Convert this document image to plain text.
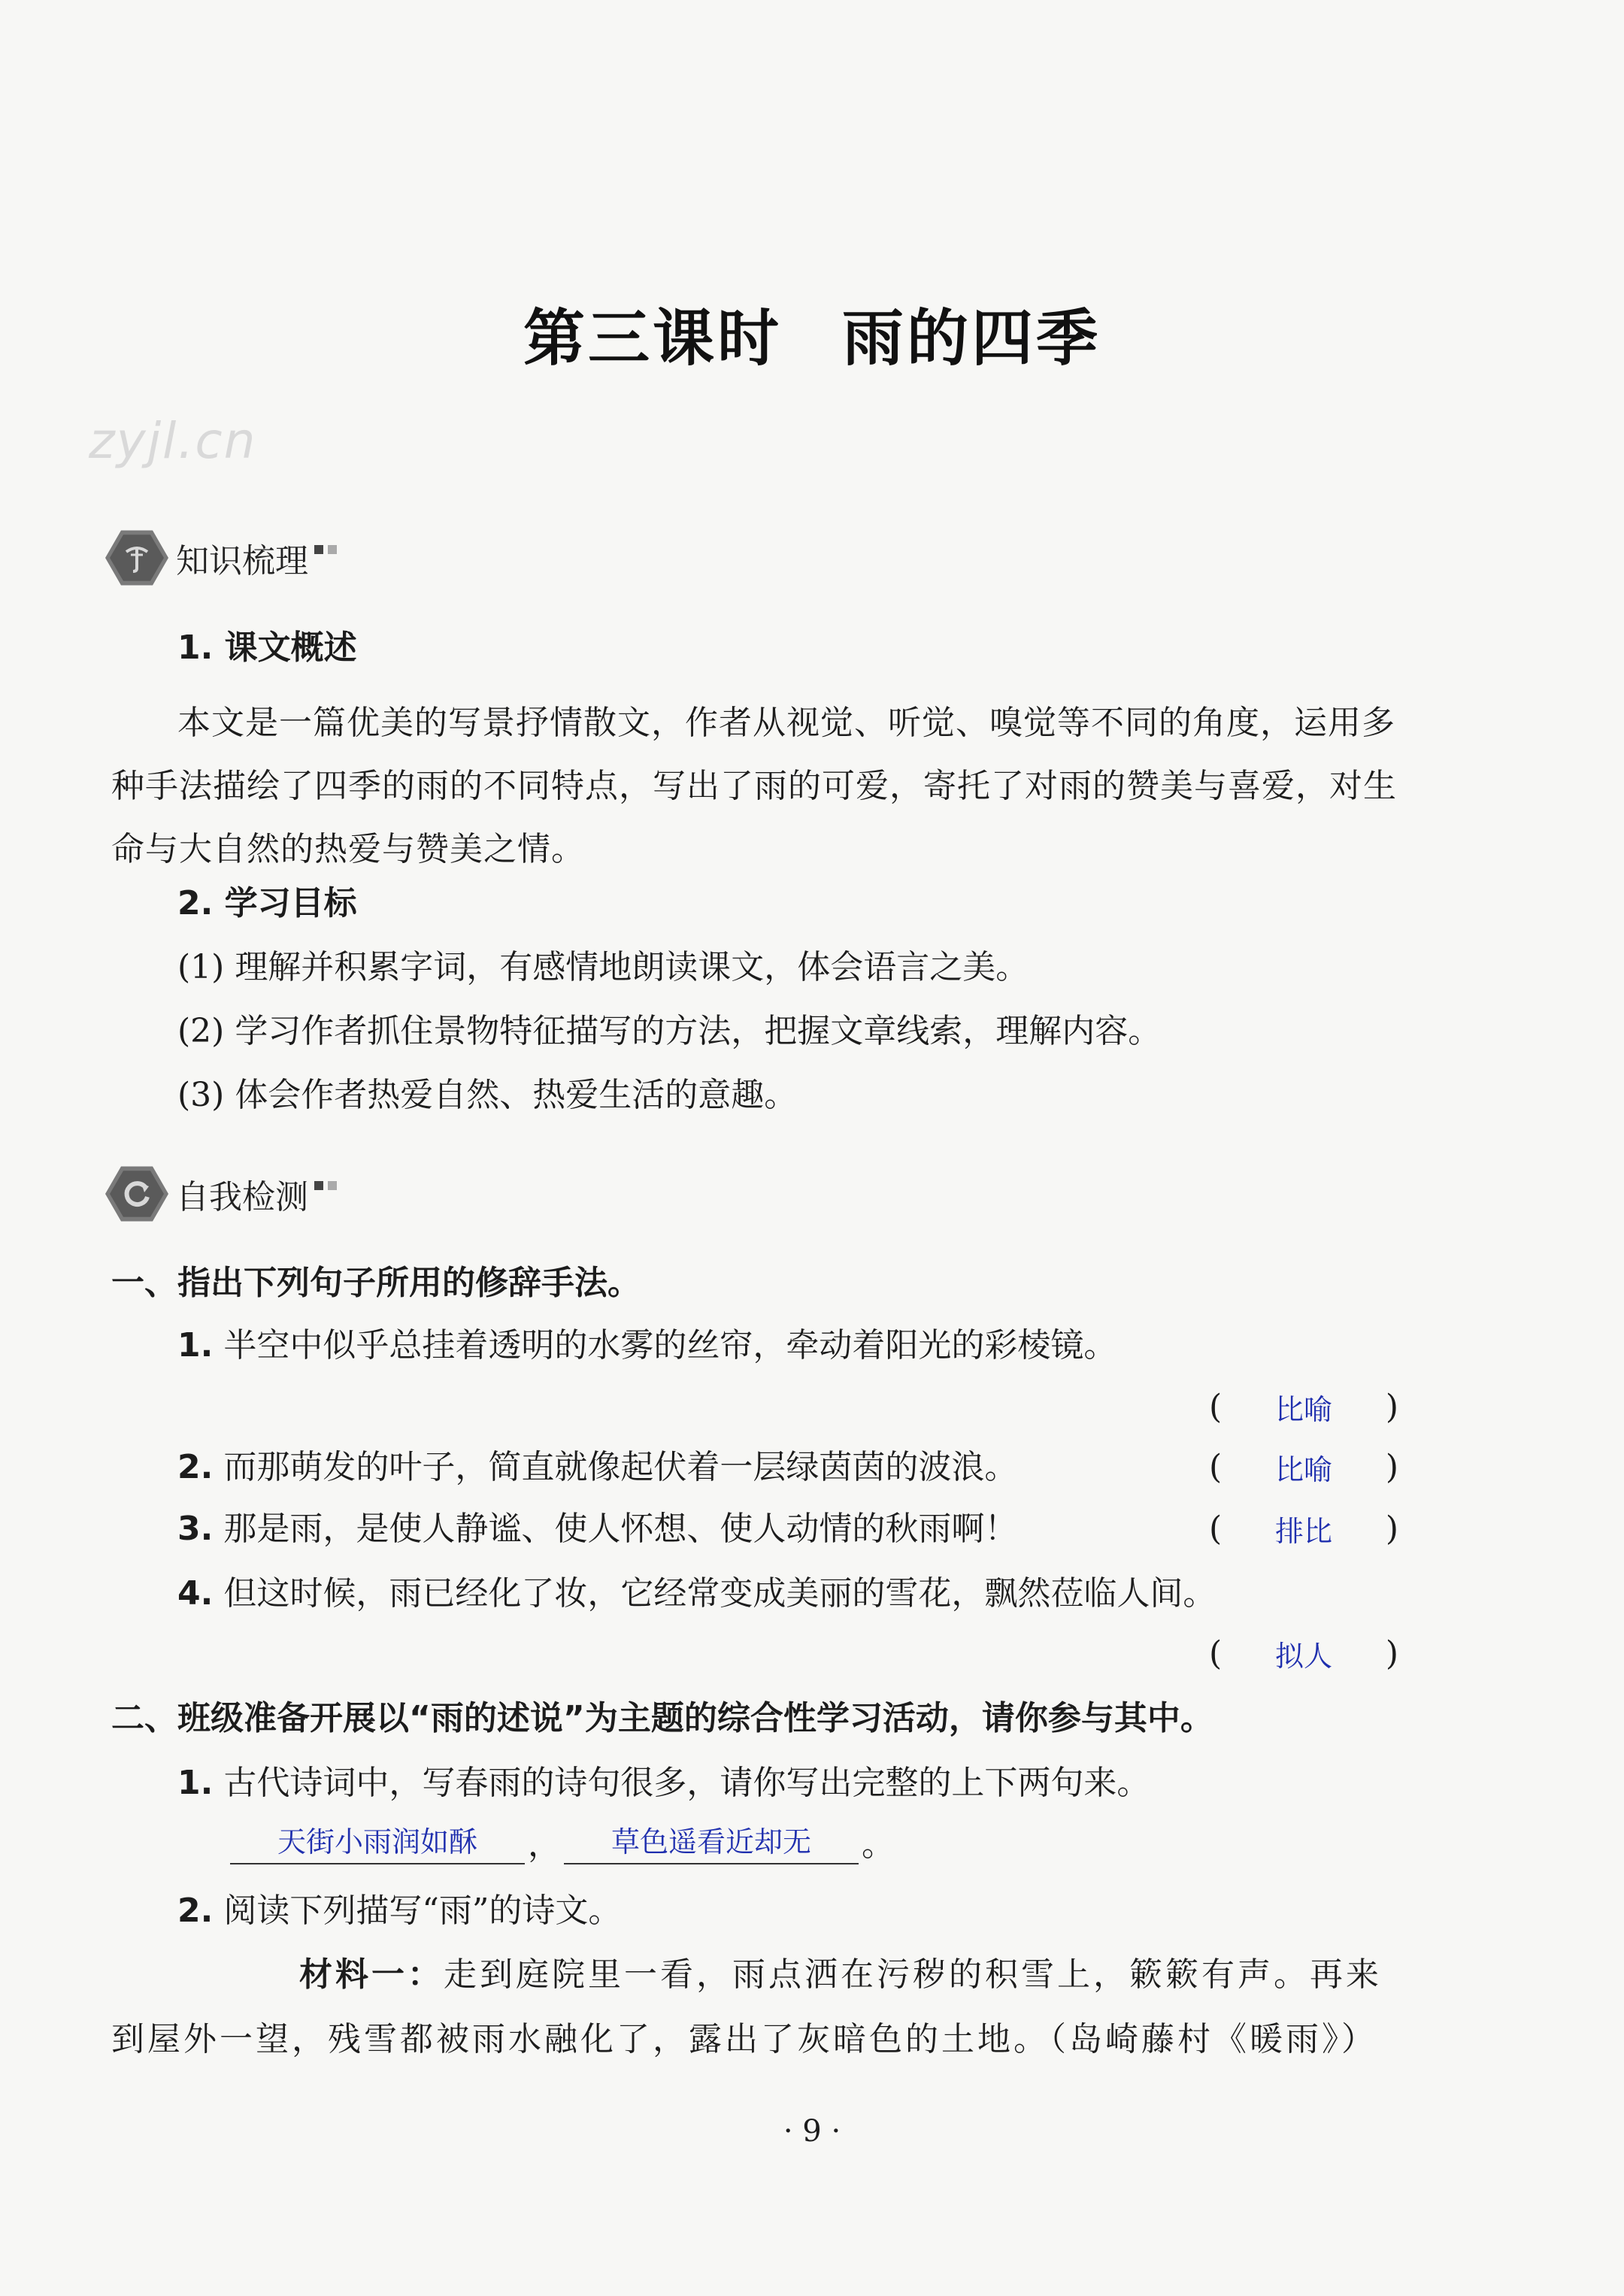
zyjl.cn
第三课时 雨的四季
知识梳理
1. 课文概述
本文是一篇优美的写景抒情散文，作者从视觉、听觉、嗅觉等不同的角度，运用多种手法描绘了四季的雨的不同特点，写出了雨的可爱，寄托了对雨的赞美与喜爱，对生命与大自然的热爱与赞美之情。
2. 学习目标
(1) 理解并积累字词，有感情地朗读课文，体会语言之美。
(2) 学习作者抓住景物特征描写的方法，把握文章线索，理解内容。
(3) 体会作者热爱自然、热爱生活的意趣。
自我检测
一、指出下列句子所用的修辞手法。
1. 半空中似乎总挂着透明的水雾的丝帘，牵动着阳光的彩棱镜。
( 比喻 )
2. 而那萌发的叶子，简直就像起伏着一层绿茵茵的波浪。	( 比喻 )
3. 那是雨，是使人静谧、使人怀想、使人动情的秋雨啊！	( 排比 )
4. 但这时候，雨已经化了妆，它经常变成美丽的雪花，飘然莅临人间。
( 拟人 )
二、班级准备开展以“雨的述说”为主题的综合性学习活动，请你参与其中。
1. 古代诗词中，写春雨的诗句很多，请你写出完整的上下两句来。
天街小雨润如酥	，	草色遥看近却无	。
2. 阅读下列描写“雨”的诗文。
材料一：走到庭院里一看，雨点洒在污秽的积雪上，簌簌有声。再来到屋外一望，残雪都被雨水融化了，露出了灰暗色的土地。（岛崎藤村《暖雨》）
· 9 ·
